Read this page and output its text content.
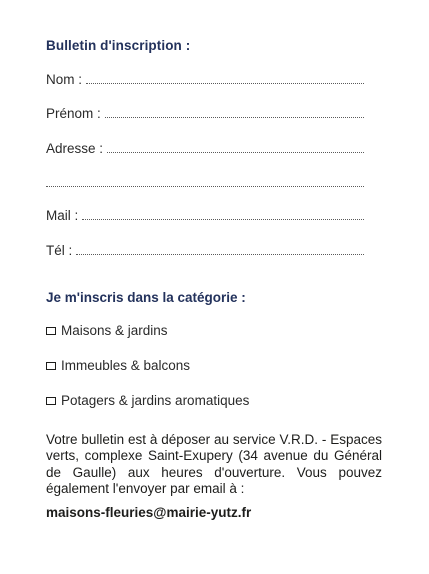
Bulletin d'inscription :
Nom :
Prénom :
Adresse :
Mail :
Tél :
Je m'inscris dans la catégorie :
Maisons & jardins
Immeubles & balcons
Potagers & jardins aromatiques
Votre bulletin est à déposer au service V.R.D. - Espaces verts, complexe Saint-Exupery (34 avenue du Général de Gaulle) aux heures d'ouverture. Vous pouvez également l'envoyer par email à :
maisons-fleuries@mairie-yutz.fr
